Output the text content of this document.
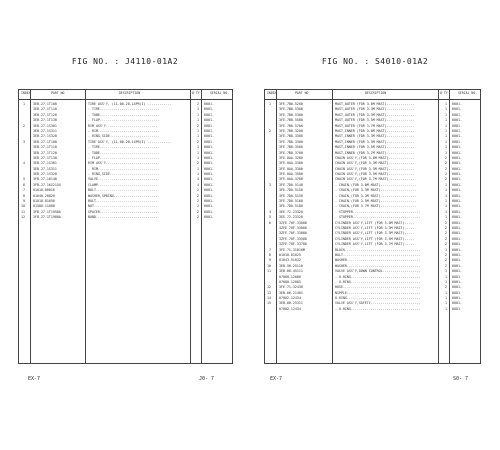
FIG NO. : J4110-01A2
INDEX	PART NO	DESCRIPTION	Q'TY	SERIAL NO.
1 3EB-27-1T100	TIRE ASS'Y, (11.00-20-14PR(I) ............	2 6001-
3EB-27-1T110	. TIRE..............................	1 6001-
3EB-27-1T120	. TUBE..............................	1 6001-
3EB-27-1T130	. FLAP..............................	1 6001-
2 3EB-27-1S301	RIM ASS'Y..........................	2 6001-
3EB-27-1S311	. RIM...............................	1 6001-
3EB-27-1S320	. RING,SIDE.........................	1 6001-
3 3EB-27-1T100	TIRE ASS'Y, (11.00-20-14PR(I) ............	2 6001-
3EB-27-1T110	. TIRE..............................	1 6001-
3EB-27-1T120	. TUBE..............................	1 6001-
3EB-27-1T130	. FLAP..............................	1 6001-
4 3EB-27-1S301	RIM ASS'Y..........................	2 6001-
3EB-27-1S311	. RIM...............................	1 6001-
3EB-27-1S320	. RING,SIDE.........................	1 6001-
5 3FB-27-16140	VALVE..............................	4 6001-
6 3FB-27-1612154	CLAMP..............................	4 6001-
7 01010-80816	BOLT...............................	2 6001-
8 01640-20820	WASHER,SPRING......................	2 6001-
9 01010-81650	BOLT...............................	2 6001-
10 01580-11008	NUT................................	2 6001-
11 3FB-27-1T1950A	SPACER.............................	2 6001-
12 3FB-27-1T1980A	BAND...............................	2 6001-
EX-7	J0- 7
FIG NO. : S4010-01A2
INDEX	PART NO	DESCRIPTION	Q'TY	SERIAL NO.
1 3FE-7B0-5200	MAST,OUTER (FOR 3.0M MAST)..............	1 6001-
3FE-7B0-5300	MAST,OUTER (FOR 3.3M MAST)..............	1 6001-
3FE-7B0-5300	MAST,OUTER (FOR 3.3M MAST)..............	1 6001-
3FE-7B0-5500	MAST,OUTER (FOR 3.5M MAST)..............	1 6001-
3FE-7B0-5700	MAST,OUTER (FOR 3.7M MAST)..............	1 6001-
2 3FE-7B0-3200	MAST,INNER (FOR 3.0M MAST)..............	1 6001-
3FE-7B0-3300	MAST,INNER (FOR 3.3M MAST)..............	1 6001-
3FE-7B0-3300	MAST,INNER (FOR 3.3M MAST)..............	1 6001-
3FE-7B0-3500	MAST,INNER (FOR 3.5M MAST)..............	1 6001-
3FE-7B0-3700	MAST,INNER (FOR 3.7M MAST)..............	1 6001-
3FE-0AA-3200	CHAIN ASS'Y,(FOR 3.0M MAST).............	2 6001-
3FE-0AA-3300	CHAIN ASS'Y,(FOR 3.3M MAST).............	2 6001-
3FE-0AA-3300	CHAIN ASS'Y,(FOR 3.3M MAST).............	2 6001-
3FE-0AA-3500	CHAIN ASS'Y,(FOR 3.5M MAST).............	2 6001-
3FE-0AA-3700	CHAIN ASS'Y,(FOR 3.7M MAST).............	2 6001-
3 3FE-7D0-5140	. CHAIN,(FOR 3.0M MAST)..................	1 6001-
3FE-7D0-5150	. CHAIN,(FOR 3.3M MAST)..................	1 6001-
3FE-7D0-5150	. CHAIN,(FOR 3.3M MAST)..................	1 6001-
3FE-7D0-5160	. CHAIN,(FOR 3.5M MAST)..................	1 6001-
3FE-7D0-5180	. CHAIN,(FOR 3.7M MAST)..................	1 6001-
4 3EE-72-23320	. STOPPER..................................	1 6001-
5 3EE-72-23320	. STOPPER..................................	1 6001-
6 3ZFE-70F-33000	CYLINDER ASS'Y,LIFT (FOR 3.0M MAST).....	2 6001-
3ZFE-70F-33000	CYLINDER ASS'Y,LIFT (FOR 3.3M MAST).....	2 6001-
3ZFE-70F-33000	CYLINDER ASS'Y,LIFT (FOR 3.3M MAST).....	2 6001-
3ZFE-70F-33500	CYLINDER ASS'Y,LIFT (FOR 3.5M MAST).....	2 6001-
3ZFE-70F-33700	CYLINDER ASS'Y,LIFT (FOR 3.7M MAST).....	2 6001-
7 3FE-71-31810M	BLOCK......................................	1 6001-
8 01010-81025	BOLT.......................................	2 6001-
9 01643-51032	WASHER.....................................	2 6001-
10 3EB-50-25110	WASHER.....................................	2 6001-
11 3EB-66-45111	VALVE ASS'Y,DOWN CONTROL...................	1 6001-
07000-12060	. O-RING...................................	1 6001-
07000-12065	. O-RING...................................	1 6001-
12 3FE-71-32430	HOSE.......................................	2 6001-
13 3EB-66-21401	NIPPLE.....................................	1 6001-
14 07002-12434	O-RING.....................................	1 6001-
15 3EB-66-25311	VALVE ASS'Y,SAFETY.........................	1 6001-
07002-12434	. O-RING...................................	1 6001-
EX-7	S0- 7
